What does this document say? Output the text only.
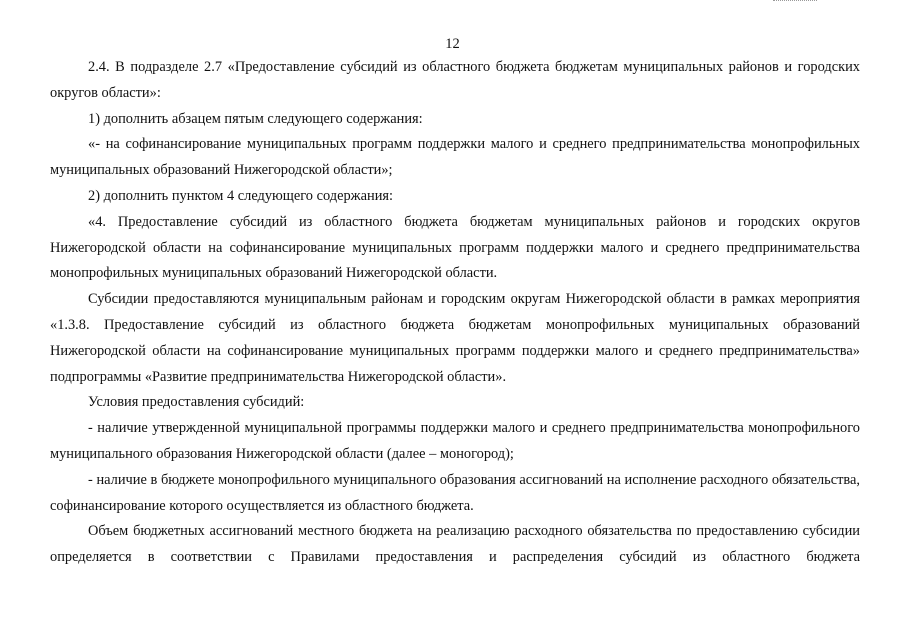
12

2.4. В подразделе 2.7 «Предоставление субсидий из областного бюджета бюджетам муниципальных районов и городских округов области»:

1) дополнить абзацем пятым следующего содержания:

«- на софинансирование муниципальных программ поддержки малого и среднего предпринимательства монопрофильных муниципальных образований Нижегородской области»;

2) дополнить пунктом 4 следующего содержания:

«4. Предоставление субсидий из областного бюджета бюджетам муниципальных районов и городских округов Нижегородской области на софинансирование муниципальных программ поддержки малого и среднего предпринимательства монопрофильных муниципальных образований Нижегородской области.

Субсидии предоставляются муниципальным районам и городским округам Нижегородской области в рамках мероприятия «1.3.8. Предоставление субсидий из областного бюджета бюджетам монопрофильных муниципальных образований Нижегородской области на софинансирование муниципальных программ поддержки малого и среднего предпринимательства» подпрограммы «Развитие предпринимательства Нижегородской области».

Условия предоставления субсидий:

- наличие утвержденной муниципальной программы поддержки малого и среднего предпринимательства монопрофильного муниципального образования Нижегородской области (далее – моногород);

- наличие в бюджете монопрофильного муниципального образования ассигнований на исполнение расходного обязательства, софинансирование которого осуществляется из областного бюджета.

Объем бюджетных ассигнований местного бюджета на реализацию расходного обязательства по предоставлению субсидии определяется в соответствии с Правилами предоставления и распределения субсидий из областного бюджета
